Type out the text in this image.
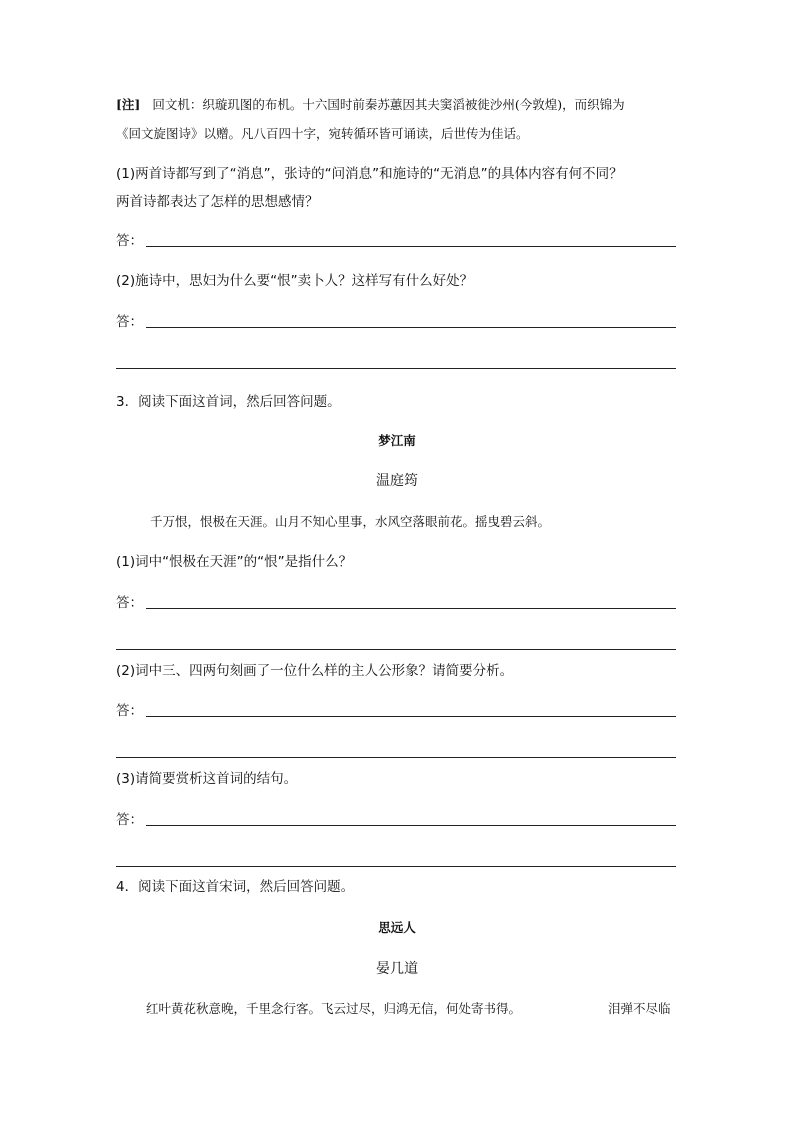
[注] 回文机：织璇玑图的布机。十六国时前秦苏蕙因其夫窦滔被徙沙州(今敦煌)，而织锦为
《回文旋图诗》以赠。凡八百四十字，宛转循环皆可诵读，后世传为佳话。
(1)两首诗都写到了“消息”，张诗的“问消息”和施诗的“无消息”的具体内容有何不同？
两首诗都表达了怎样的思想感情？
答：
(2)施诗中，思妇为什么要“恨”卖卜人？这样写有什么好处？
答：
3．阅读下面这首词，然后回答问题。
梦江南
温庭筠
千万恨，恨极在天涯。山月不知心里事，水风空落眼前花。摇曳碧云斜。
(1)词中“恨极在天涯”的“恨”是指什么？
答：
(2)词中三、四两句刻画了一位什么样的主人公形象？请简要分析。
答：
(3)请简要赏析这首词的结句。
答：
4．阅读下面这首宋词，然后回答问题。
思远人
晏几道
红叶黄花秋意晚，千里念行客。飞云过尽，归鸿无信，何处寄书得。	泪弹不尽临
